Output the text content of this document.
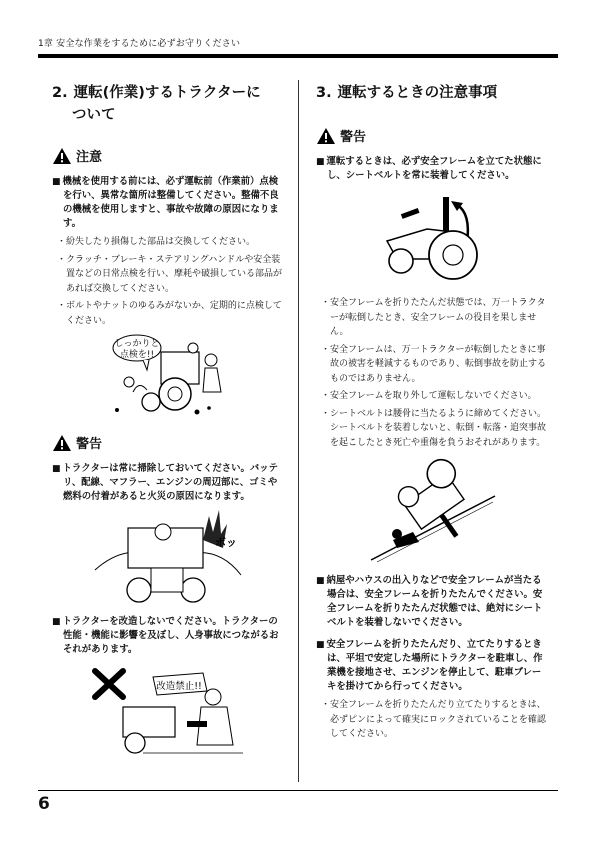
1章 安全な作業をするために必ずお守りください
2. 運転(作業)するトラクターに
ついて
注意

■ 機械を使用する前には、必ず運転前（作業前）点検を行い、異常な箇所は整備してください。整備不良の機械を使用しますと、事故や故障の原因になります。

・ 紛失したり損傷した部品は交換してください。
・ クラッチ・ブレーキ・ステアリングハンドルや安全装置などの日常点検を行い、摩耗や破損している部品があれば交換してください。
・ ボルトやナットのゆるみがないか、定期的に点検してください。
しっかりと
点検を!!
警告

■ トラクターは常に掃除しておいてください。バッテリ、配線、マフラー、エンジンの周辺部に、ゴミや燃料の付着があると火災の原因になります。

ボッ

■ トラクターを改造しないでください。トラクターの性能・機能に影響を及ぼし、人身事故につながるおそれがあります。

改造禁止!!
3. 運転するときの注意事項
警告

■ 運転するときは、必ず安全フレームを立てた状態にし、シートベルトを常に装着してください。

・ 安全フレームを折りたたんだ状態では、万一トラクターが転倒したとき、安全フレームの役目を果しません。
・ 安全フレームは、万一トラクターが転倒したときに事故の被害を軽減するものであり、転倒事故を防止するものではありません。
・ 安全フレームを取り外して運転しないでください。
・ シートベルトは腰骨に当たるように締めてください。シートベルトを装着しないと、転倒・転落・追突事故を起こしたとき死亡や重傷を負うおそれがあります。

■ 納屋やハウスの出入りなどで安全フレームが当たる場合は、安全フレームを折りたたんでください。安全フレームを折りたたんだ状態では、絶対にシートベルトを装着しないでください。

■ 安全フレームを折りたたんだり、立てたりするときは、平坦で安定した場所にトラクターを駐車し、作業機を接地させ、エンジンを停止して、駐車ブレーキを掛けてから行ってください。

・ 安全フレームを折りたたんだり立てたりするときは、必ずピンによって確実にロックされていることを確認してください。
6
